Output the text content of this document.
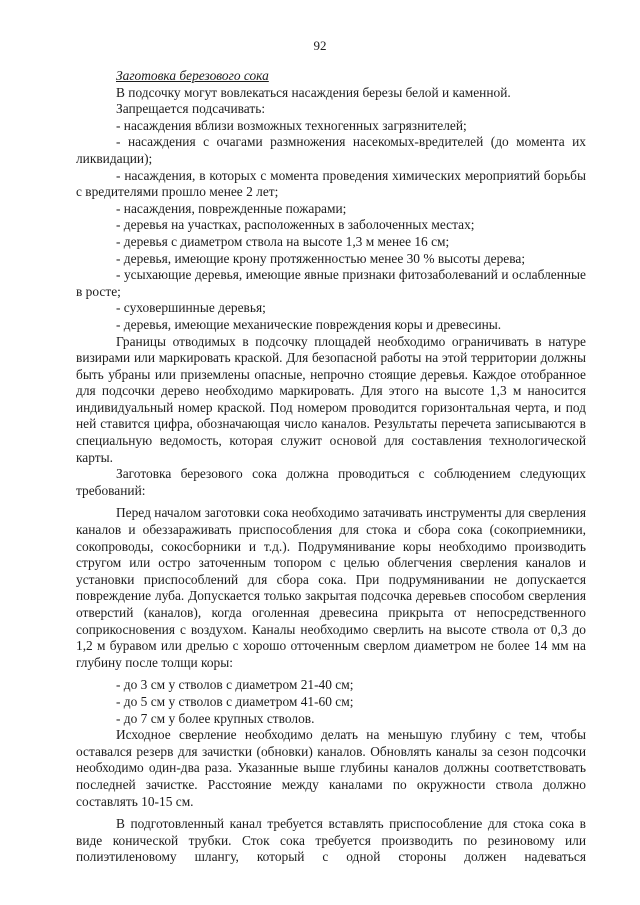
92

Заготовка березового сока

В подсочку могут вовлекаться насаждения березы белой и каменной.

Запрещается подсачивать:

- насаждения вблизи возможных техногенных загрязнителей;

- насаждения с очагами размножения насекомых-вредителей (до момента их ликвидации);

- насаждения, в которых с момента проведения химических мероприятий борьбы с вредителями прошло менее 2 лет;

- насаждения, поврежденные пожарами;

- деревья на участках, расположенных в заболоченных местах;

- деревья с диаметром ствола на высоте 1,3 м менее 16 см;

- деревья, имеющие крону протяженностью менее 30 % высоты дерева;

- усыхающие деревья, имеющие явные признаки фитозаболеваний и ослабленные в росте;

- суховершинные деревья;

- деревья, имеющие механические повреждения коры и древесины.

Границы отводимых в подсочку площадей необходимо ограничивать в натуре визирами или маркировать краской. Для безопасной работы на этой территории должны быть убраны или приземлены опасные, непрочно стоящие деревья. Каждое отобранное для подсочки дерево необходимо маркировать. Для этого на высоте 1,3 м наносится индивидуальный номер краской. Под номером проводится горизонтальная черта, и под ней ставится цифра, обозначающая число каналов. Результаты перечета записываются в специальную ведомость, которая служит основой для составления технологической карты.

Заготовка березового сока должна проводиться с соблюдением следующих требований:

Перед началом заготовки сока необходимо затачивать инструменты для сверления каналов и обеззараживать приспособления для стока и сбора сока (сокоприемники, сокопроводы, сокосборники и т.д.). Подрумянивание коры необходимо производить стругом или остро заточенным топором с целью облегчения сверления каналов и установки приспособлений для сбора сока. При подрумянивании не допускается повреждение луба. Допускается только закрытая подсочка деревьев способом сверления отверстий (каналов), когда оголенная древесина прикрыта от непосредственного соприкосновения с воздухом. Каналы необходимо сверлить на высоте ствола от 0,3 до 1,2 м буравом или дрелью с хорошо отточенным сверлом диаметром не более 14 мм на глубину после толщи коры:

- до 3 см у стволов с диаметром 21-40 см;

- до 5 см у стволов с диаметром 41-60 см;

- до 7 см у более крупных стволов.

Исходное сверление необходимо делать на меньшую глубину с тем, чтобы оставался резерв для зачистки (обновки) каналов. Обновлять каналы за сезон подсочки необходимо один-два раза. Указанные выше глубины каналов должны соответствовать последней зачистке. Расстояние между каналами по окружности ствола должно составлять 10-15 см.

В подготовленный канал требуется вставлять приспособление для стока сока в виде конической трубки. Сток сока требуется производить по резиновому или полиэтиленовому шлангу, который с одной стороны должен надеваться
